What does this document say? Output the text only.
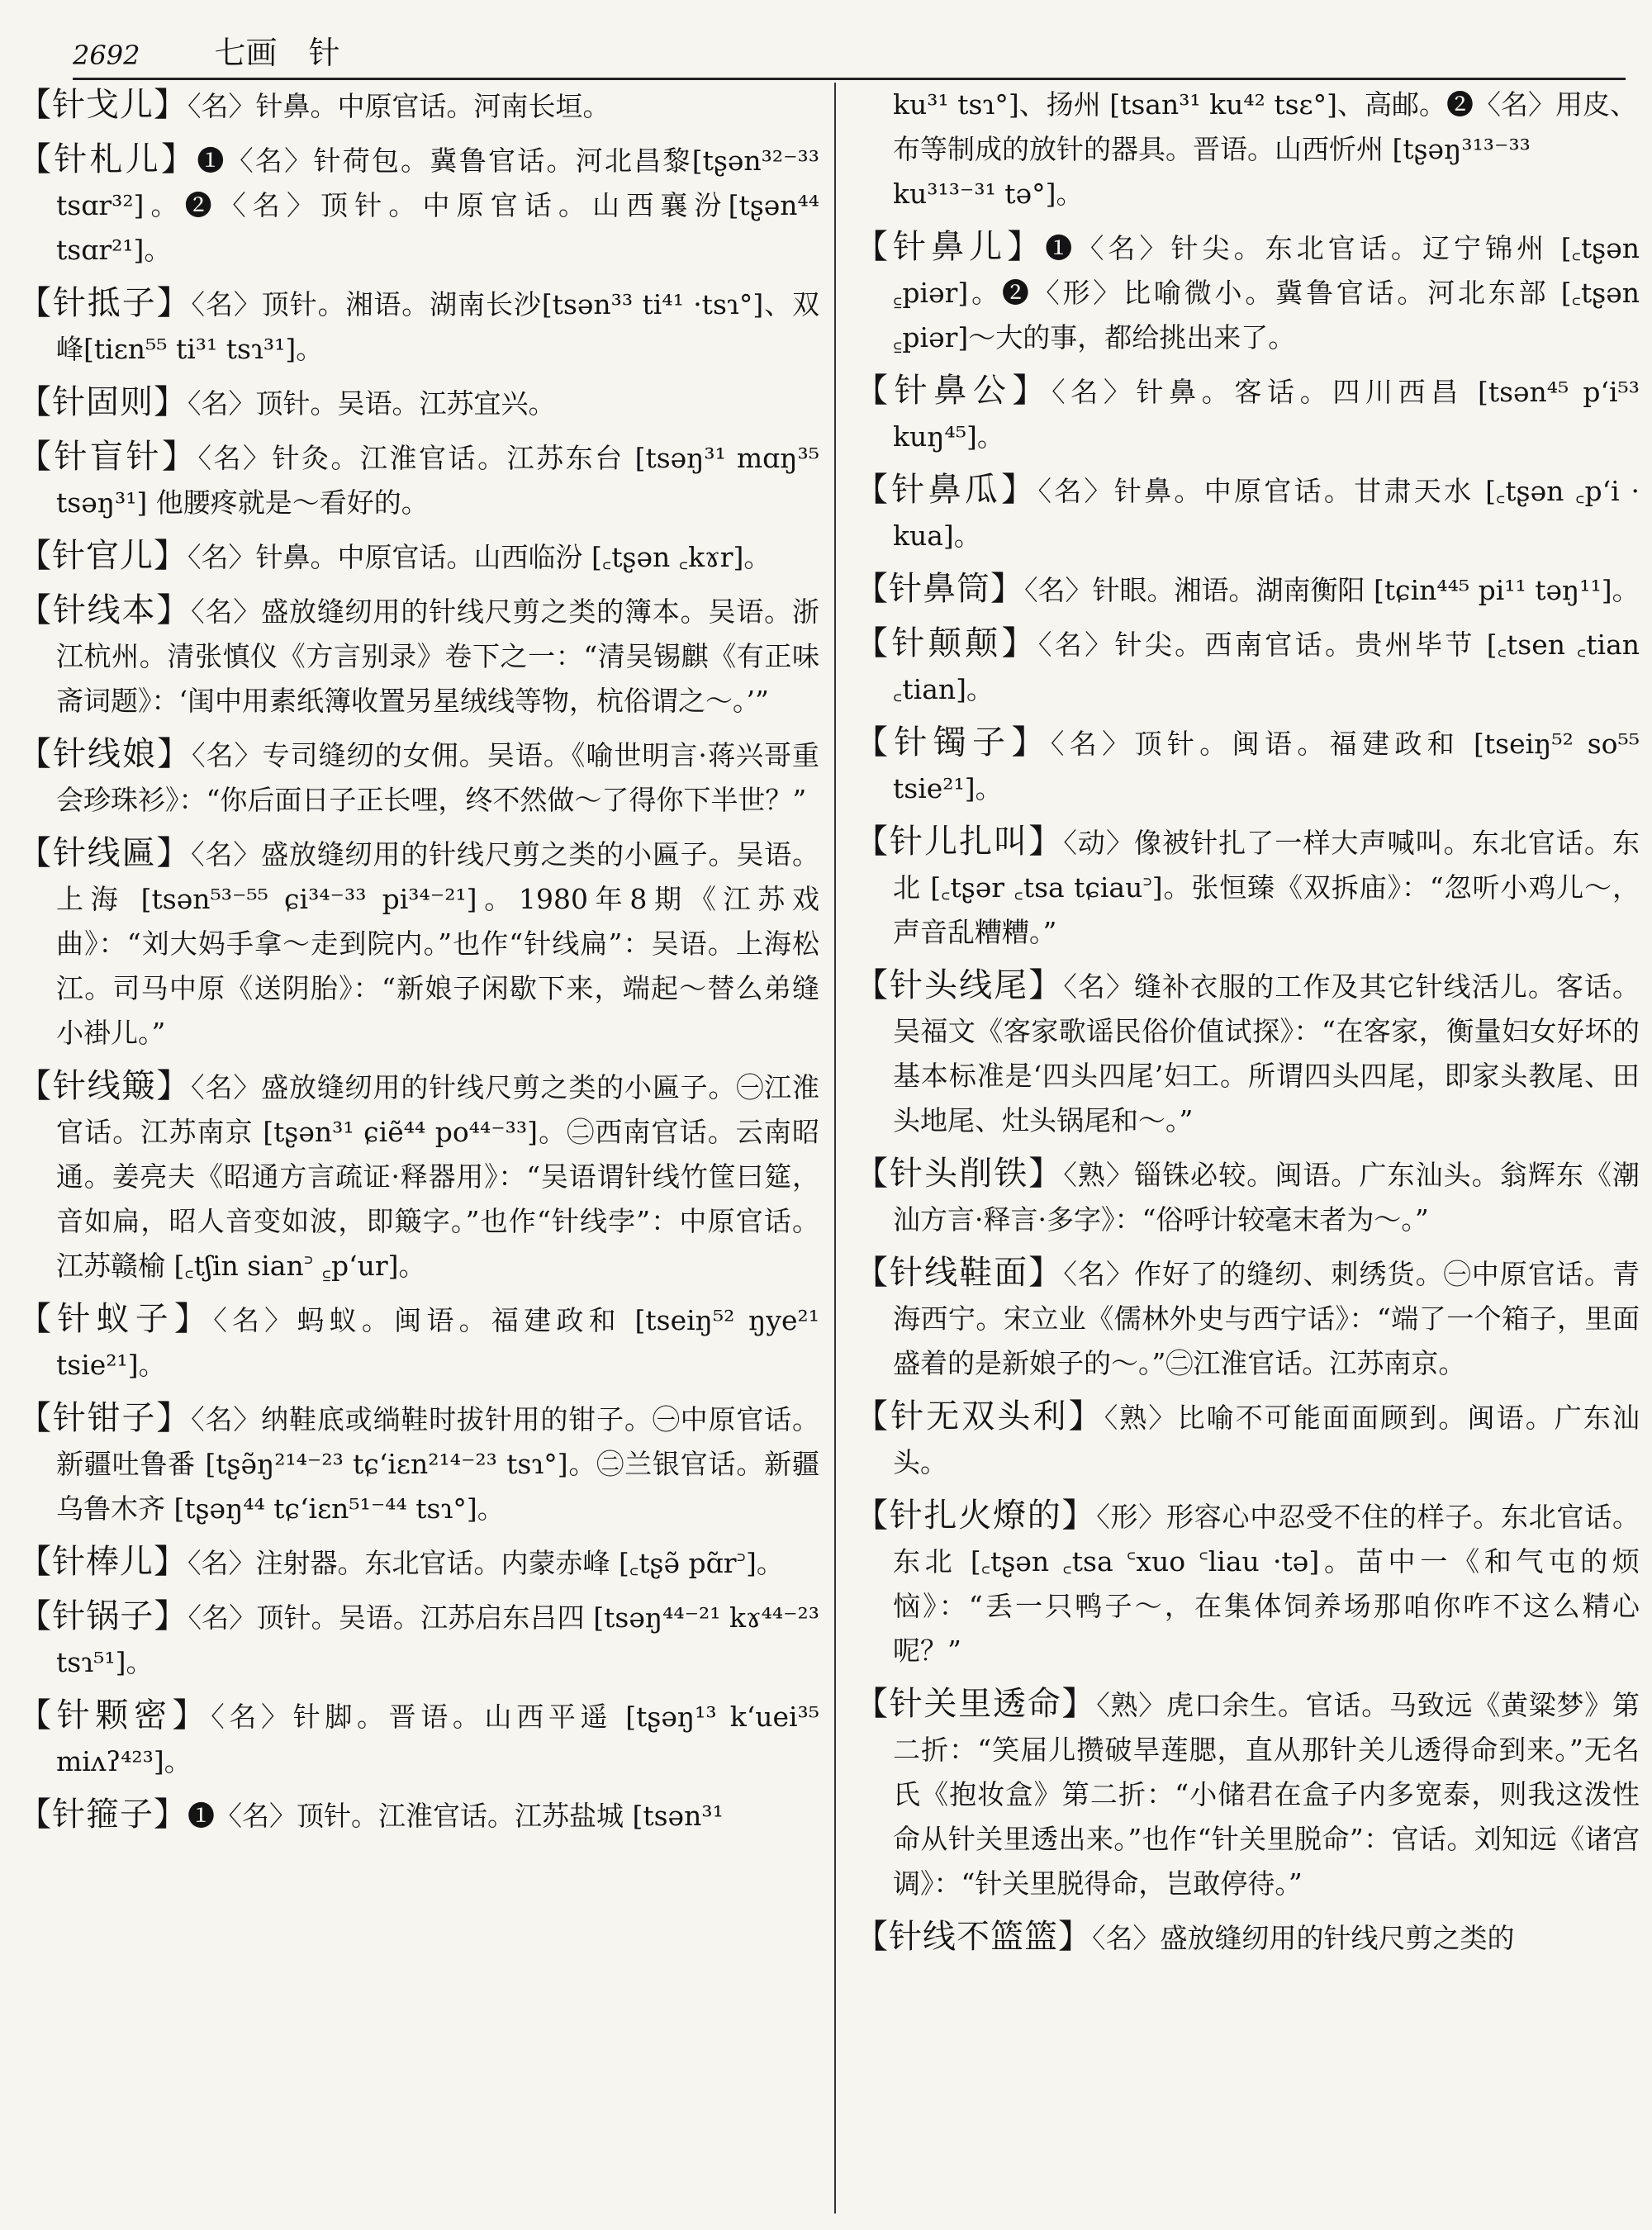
2692 七画 针

【针戈儿】〈名〉针鼻。中原官话。河南长垣。

【针札儿】❶〈名〉针荷包。冀鲁官话。河北昌黎[tʂən³²⁻³³ tsɑr³²]。❷〈名〉顶针。中原官话。山西襄汾[tʂən⁴⁴ tsɑr²¹]。

【针抵子】〈名〉顶针。湘语。湖南长沙[tsən³³ ti⁴¹ ·tsɿ°]、双峰[tiɛn⁵⁵ ti³¹ tsɿ³¹]。

【针固则】〈名〉顶针。吴语。江苏宜兴。

【针盲针】〈名〉针灸。江淮官话。江苏东台 [tsəŋ³¹ mɑŋ³⁵ tsəŋ³¹] 他腰疼就是～看好的。

【针官儿】〈名〉针鼻。中原官话。山西临汾 [꜀tʂən ꜀kɤr]。

【针线本】〈名〉盛放缝纫用的针线尺剪之类的簿本。吴语。浙江杭州。清张慎仪《方言别录》卷下之一：“清吴锡麒《有正味斋词题》：‘闺中用素纸簿收置另星绒线等物，杭俗谓之～。’”

【针线娘】〈名〉专司缝纫的女佣。吴语。《喻世明言·蒋兴哥重会珍珠衫》：“你后面日子正长哩，终不然做～了得你下半世？”

【针线匾】〈名〉盛放缝纫用的针线尺剪之类的小匾子。吴语。上海 [tsən⁵³⁻⁵⁵ ɕi³⁴⁻³³ pi³⁴⁻²¹]。1980年8期《江苏戏曲》：“刘大妈手拿～走到院内。”也作“针线扁”：吴语。上海松江。司马中原《送阴胎》：“新娘子闲歇下来，端起～替么弟缝小褂儿。”

【针线簸】〈名〉盛放缝纫用的针线尺剪之类的小匾子。㊀江淮官话。江苏南京 [tʂən³¹ ɕiẽ⁴⁴ po⁴⁴⁻³³]。㊁西南官话。云南昭通。姜亮夫《昭通方言疏证·释器用》：“吴语谓针线竹筐曰筵，音如扁，昭人音变如波，即簸字。”也作“针线孛”：中原官话。江苏赣榆 [꜀tʃin sian꜄ ꜁p‘ur]。

【针蚁子】〈名〉蚂蚁。闽语。福建政和 [tseiŋ⁵² ŋye²¹ tsie²¹]。

【针钳子】〈名〉纳鞋底或绱鞋时拔针用的钳子。㊀中原官话。新疆吐鲁番 [tʂə̃ŋ²¹⁴⁻²³ tɕ‘iɛn²¹⁴⁻²³ tsɿ°]。㊁兰银官话。新疆乌鲁木齐 [tʂəŋ⁴⁴ tɕ‘iɛn⁵¹⁻⁴⁴ tsɿ°]。

【针棒儿】〈名〉注射器。东北官话。内蒙赤峰 [꜀tʂə̃ pɑ̃r꜄]。

【针锅子】〈名〉顶针。吴语。江苏启东吕四 [tsəŋ⁴⁴⁻²¹ kɤ⁴⁴⁻²³ tsɿ⁵¹]。

【针颗密】〈名〉针脚。晋语。山西平遥 [tʂəŋ¹³ k‘uei³⁵ miʌʔ⁴²³]。

【针箍子】❶〈名〉顶针。江淮官话。江苏盐城 [tsən³¹

ku³¹ tsɿ°]、扬州 [tsan³¹ ku⁴² tsɛ°]、高邮。❷〈名〉用皮、布等制成的放针的器具。晋语。山西忻州 [tʂəŋ³¹³⁻³³ ku³¹³⁻³¹ tə°]。

【针鼻儿】❶〈名〉针尖。东北官话。辽宁锦州 [꜀tʂən ꜁piər]。❷〈形〉比喻微小。冀鲁官话。河北东部 [꜀tʂən ꜁piər]～大的事，都给挑出来了。

【针鼻公】〈名〉针鼻。客话。四川西昌 [tsən⁴⁵ p‘i⁵³ kuŋ⁴⁵]。

【针鼻瓜】〈名〉针鼻。中原官话。甘肃天水 [꜀tʂən ꜀p‘i · kua]。

【针鼻筒】〈名〉针眼。湘语。湖南衡阳 [tɕin⁴⁴⁵ pi¹¹ təŋ¹¹]。

【针颠颠】〈名〉针尖。西南官话。贵州毕节 [꜀tsen ꜀tian ꜀tian]。

【针镯子】〈名〉顶针。闽语。福建政和 [tseiŋ⁵² so⁵⁵ tsie²¹]。

【针儿扎叫】〈动〉像被针扎了一样大声喊叫。东北官话。东北 [꜀tʂər ꜀tsa tɕiau꜄]。张恒臻《双拆庙》：“忽听小鸡儿～，声音乱糟糟。”

【针头线尾】〈名〉缝补衣服的工作及其它针线活儿。客话。吴福文《客家歌谣民俗价值试探》：“在客家，衡量妇女好坏的基本标准是‘四头四尾’妇工。所谓四头四尾，即家头教尾、田头地尾、灶头锅尾和～。”

【针头削铁】〈熟〉锱铢必较。闽语。广东汕头。翁辉东《潮汕方言·释言·多字》：“俗呼计较毫末者为～。”

【针线鞋面】〈名〉作好了的缝纫、刺绣货。㊀中原官话。青海西宁。宋立业《儒林外史与西宁话》：“端了一个箱子，里面盛着的是新娘子的～。”㊁江淮官话。江苏南京。

【针无双头利】〈熟〉比喻不可能面面顾到。闽语。广东汕头。

【针扎火燎的】〈形〉形容心中忍受不住的样子。东北官话。东北 [꜀tʂən ꜀tsa ꜂xuo ꜂liau ·tə]。苗中一《和气屯的烦恼》：“丢一只鸭子～，在集体饲养场那咱你咋不这么精心呢？”

【针关里透命】〈熟〉虎口余生。官话。马致远《黄粱梦》第二折：“笑届儿攒破旱莲腮，直从那针关儿透得命到来。”无名氏《抱妆盒》第二折：“小储君在盒子内多宽泰，则我这泼性命从针关里透出来。”也作“针关里脱命”：官话。刘知远《诸宫调》：“针关里脱得命，岂敢停待。”

【针线不篮篮】〈名〉盛放缝纫用的针线尺剪之类的
